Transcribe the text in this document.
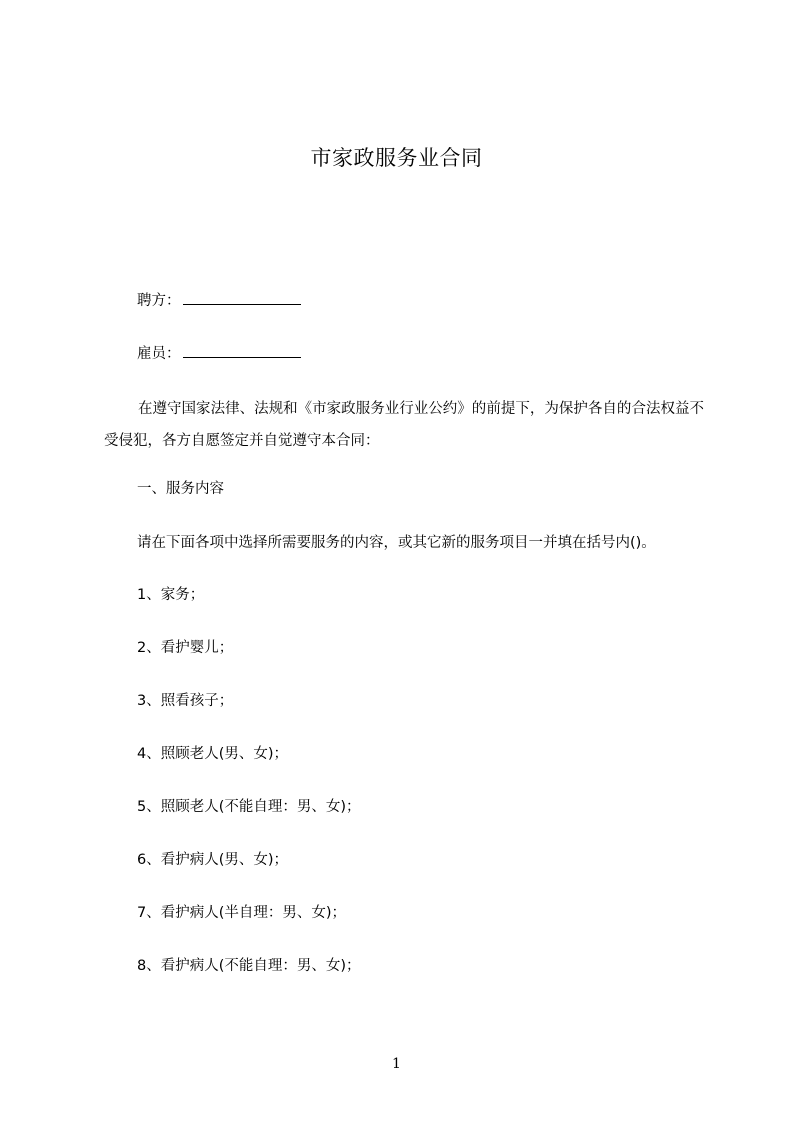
市家政服务业合同
聘方：
雇员：
在遵守国家法律、法规和《市家政服务业行业公约》的前提下，为保护各自的合法权益不受侵犯，各方自愿签定并自觉遵守本合同：
一、服务内容
请在下面各项中选择所需要服务的内容，或其它新的服务项目一并填在括号内()。
1、家务；
2、看护婴儿；
3、照看孩子；
4、照顾老人(男、女)；
5、照顾老人(不能自理：男、女)；
6、看护病人(男、女)；
7、看护病人(半自理：男、女)；
8、看护病人(不能自理：男、女)；
1
